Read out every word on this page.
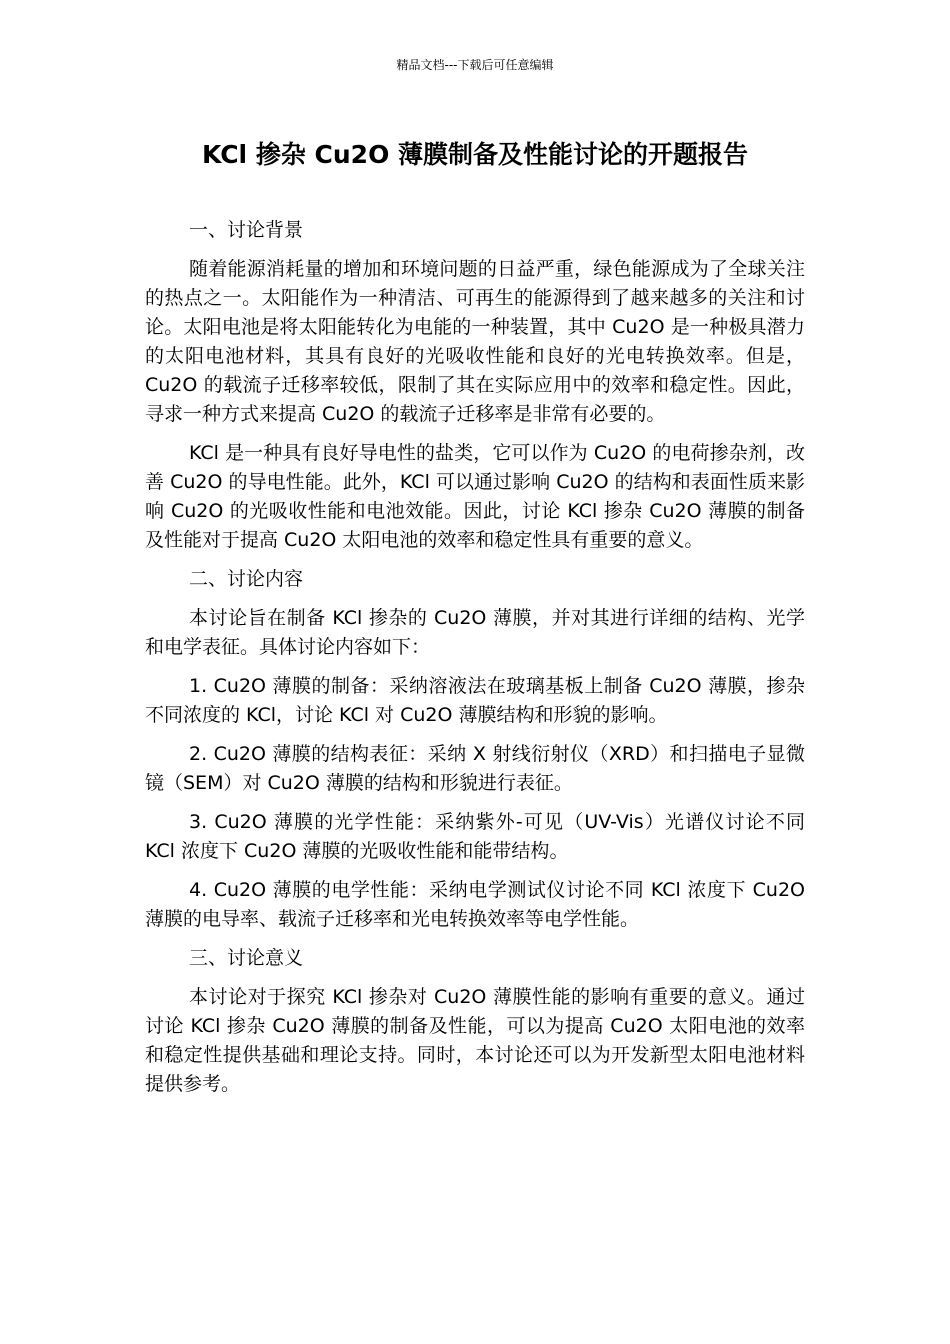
精品文档---下载后可任意编辑
KCl 掺杂 Cu2O 薄膜制备及性能讨论的开题报告

一、讨论背景

随着能源消耗量的增加和环境问题的日益严重，绿色能源成为了全球关注的热点之一。太阳能作为一种清洁、可再生的能源得到了越来越多的关注和讨论。太阳电池是将太阳能转化为电能的一种装置，其中 Cu2O 是一种极具潜力的太阳电池材料，其具有良好的光吸收性能和良好的光电转换效率。但是，Cu2O 的载流子迁移率较低，限制了其在实际应用中的效率和稳定性。因此，寻求一种方式来提高 Cu2O 的载流子迁移率是非常有必要的。

KCl 是一种具有良好导电性的盐类，它可以作为 Cu2O 的电荷掺杂剂，改善 Cu2O 的导电性能。此外，KCl 可以通过影响 Cu2O 的结构和表面性质来影响 Cu2O 的光吸收性能和电池效能。因此，讨论 KCl 掺杂 Cu2O 薄膜的制备及性能对于提高 Cu2O 太阳电池的效率和稳定性具有重要的意义。

二、讨论内容

本讨论旨在制备 KCl 掺杂的 Cu2O 薄膜，并对其进行详细的结构、光学和电学表征。具体讨论内容如下：

1. Cu2O 薄膜的制备：采纳溶液法在玻璃基板上制备 Cu2O 薄膜，掺杂不同浓度的 KCl，讨论 KCl 对 Cu2O 薄膜结构和形貌的影响。

2. Cu2O 薄膜的结构表征：采纳 X 射线衍射仪（XRD）和扫描电子显微镜（SEM）对 Cu2O 薄膜的结构和形貌进行表征。

3. Cu2O 薄膜的光学性能：采纳紫外-可见（UV-Vis）光谱仪讨论不同 KCl 浓度下 Cu2O 薄膜的光吸收性能和能带结构。

4. Cu2O 薄膜的电学性能：采纳电学测试仪讨论不同 KCl 浓度下 Cu2O 薄膜的电导率、载流子迁移率和光电转换效率等电学性能。

三、讨论意义

本讨论对于探究 KCl 掺杂对 Cu2O 薄膜性能的影响有重要的意义。通过讨论 KCl 掺杂 Cu2O 薄膜的制备及性能，可以为提高 Cu2O 太阳电池的效率和稳定性提供基础和理论支持。同时，本讨论还可以为开发新型太阳电池材料提供参考。
